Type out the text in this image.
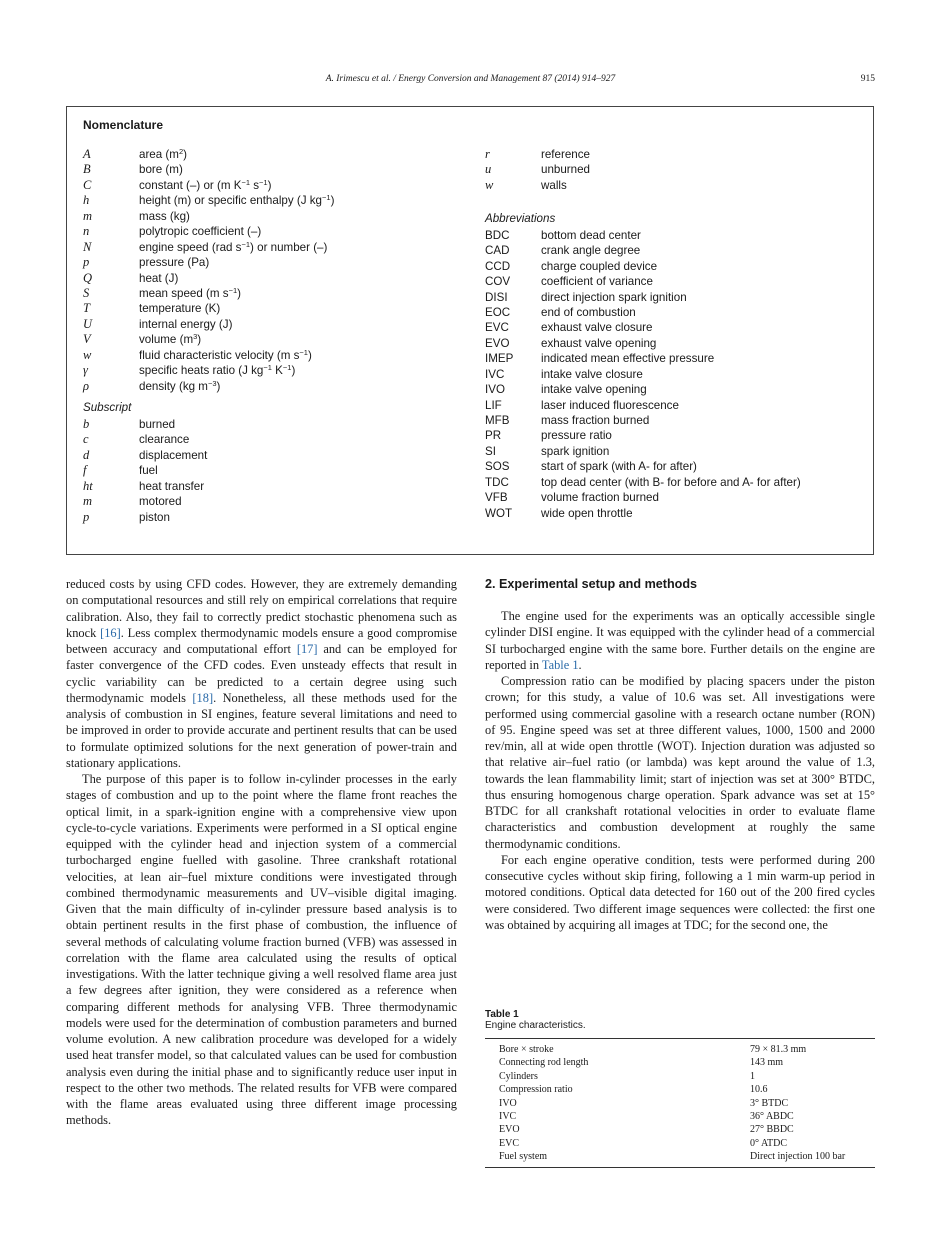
A. Irimescu et al. / Energy Conversion and Management 87 (2014) 914–927	915
Nomenclature
A	area $(m^2)$
B	bore (m)
C	constant (–) or (m $K^{-1}$ $s^{-1}$)
h	height (m) or specific enthalpy (J $kg^{-1}$)
m	mass (kg)
n	polytropic coefficient (–)
N	engine speed (rad $s^{-1}$) or number (–)
p	pressure (Pa)
Q	heat (J)
S	mean speed (m $s^{-1}$)
T	temperature (K)
U	internal energy (J)
V	volume $(m^3)$
w	fluid characteristic velocity (m $s^{-1}$)
γ	specific heats ratio (J $kg^{-1}$ $K^{-1}$)
ρ	density (kg $m^{-3}$)
Subscript
b	burned
c	clearance
d	displacement
f	fuel
ht	heat transfer
m	motored
p	piston
r	reference
u	unburned
w	walls
Abbreviations
BDC	bottom dead center
CAD	crank angle degree
CCD	charge coupled device
COV	coefficient of variance
DISI	direct injection spark ignition
EOC	end of combustion
EVC	exhaust valve closure
EVO	exhaust valve opening
IMEP indicated mean effective pressure
IVC	intake valve closure
IVO	intake valve opening
LIF	laser induced fluorescence
MFB	mass fraction burned
PR	pressure ratio
SI	spark ignition
SOS	start of spark (with A- for after)
TDC	top dead center (with B- for before and A- for after)
VFB	volume fraction burned
WOT wide open throttle

reduced costs by using CFD codes. However, they are extremely demanding on computational resources and still rely on empirical correlations that require calibration. Also, they fail to correctly predict stochastic phenomena such as knock [16]. Less complex thermodynamic models ensure a good compromise between accuracy and computational effort [17] and can be employed for faster convergence of the CFD codes. Even unsteady effects that result in cyclic variability can be predicted to a certain degree using such thermodynamic models [18]. Nonetheless, all these methods used for the analysis of combustion in SI engines, feature several limitations and need to be improved in order to provide accurate and pertinent results that can be used to formulate optimized solutions for the next generation of power-train and stationary applications.

The purpose of this paper is to follow in-cylinder processes in the early stages of combustion and up to the point where the flame front reaches the optical limit, in a spark-ignition engine with a comprehensive view upon cycle-to-cycle variations. Experiments were performed in a SI optical engine equipped with the cylinder head and injection system of a commercial turbocharged engine fuelled with gasoline. Three crankshaft rotational velocities, at lean air–fuel mixture conditions were investigated through combined thermodynamic measurements and UV–visible digital imaging. Given that the main difficulty of in-cylinder pressure based analysis is to obtain pertinent results in the first phase of combustion, the influence of several methods of calculating volume fraction burned (VFB) was assessed in correlation with the flame area calculated using the results of optical investigations. With the latter technique giving a well resolved flame area just a few degrees after ignition, they were considered as a reference when comparing different methods for analysing VFB. Three thermodynamic models were used for the determination of combustion parameters and burned volume evolution. A new calibration procedure was developed for a widely used heat transfer model, so that calculated values can be used for combustion analysis even during the initial phase and to significantly reduce user input in respect to the other two methods. The related results for VFB were compared with the flame areas evaluated using three different image processing methods.

2. Experimental setup and methods

The engine used for the experiments was an optically accessible single cylinder DISI engine. It was equipped with the cylinder head of a commercial SI turbocharged engine with the same bore. Further details on the engine are reported in Table 1.

Compression ratio can be modified by placing spacers under the piston crown; for this study, a value of 10.6 was set. All investigations were performed using commercial gasoline with a research octane number (RON) of 95. Engine speed was set at three different values, 1000, 1500 and 2000 rev/min, all at wide open throttle (WOT). Injection duration was adjusted so that relative air–fuel ratio (or lambda) was kept around the value of 1.3, towards the lean flammability limit; start of injection was set at 300° BTDC, thus ensuring homogenous charge operation. Spark advance was set at 15° BTDC for all crankshaft rotational velocities in order to evaluate flame characteristics and combustion development at roughly the same thermodynamic conditions.

For each engine operative condition, tests were performed during 200 consecutive cycles without skip firing, following a 1 min warm-up period in motored conditions. Optical data detected for 160 out of the 200 fired cycles were considered. Two different image sequences were collected: the first one was obtained by acquiring all images at TDC; for the second one, the

Table 1
Engine characteristics.
Bore × stroke	79 × 81.3 mm
Connecting rod length	143 mm
Cylinders	1
Compression ratio	10.6
IVO	3° BTDC
IVC	36° ABDC
EVO	27° BBDC
EVC	0° ATDC
Fuel system	Direct injection 100 bar
